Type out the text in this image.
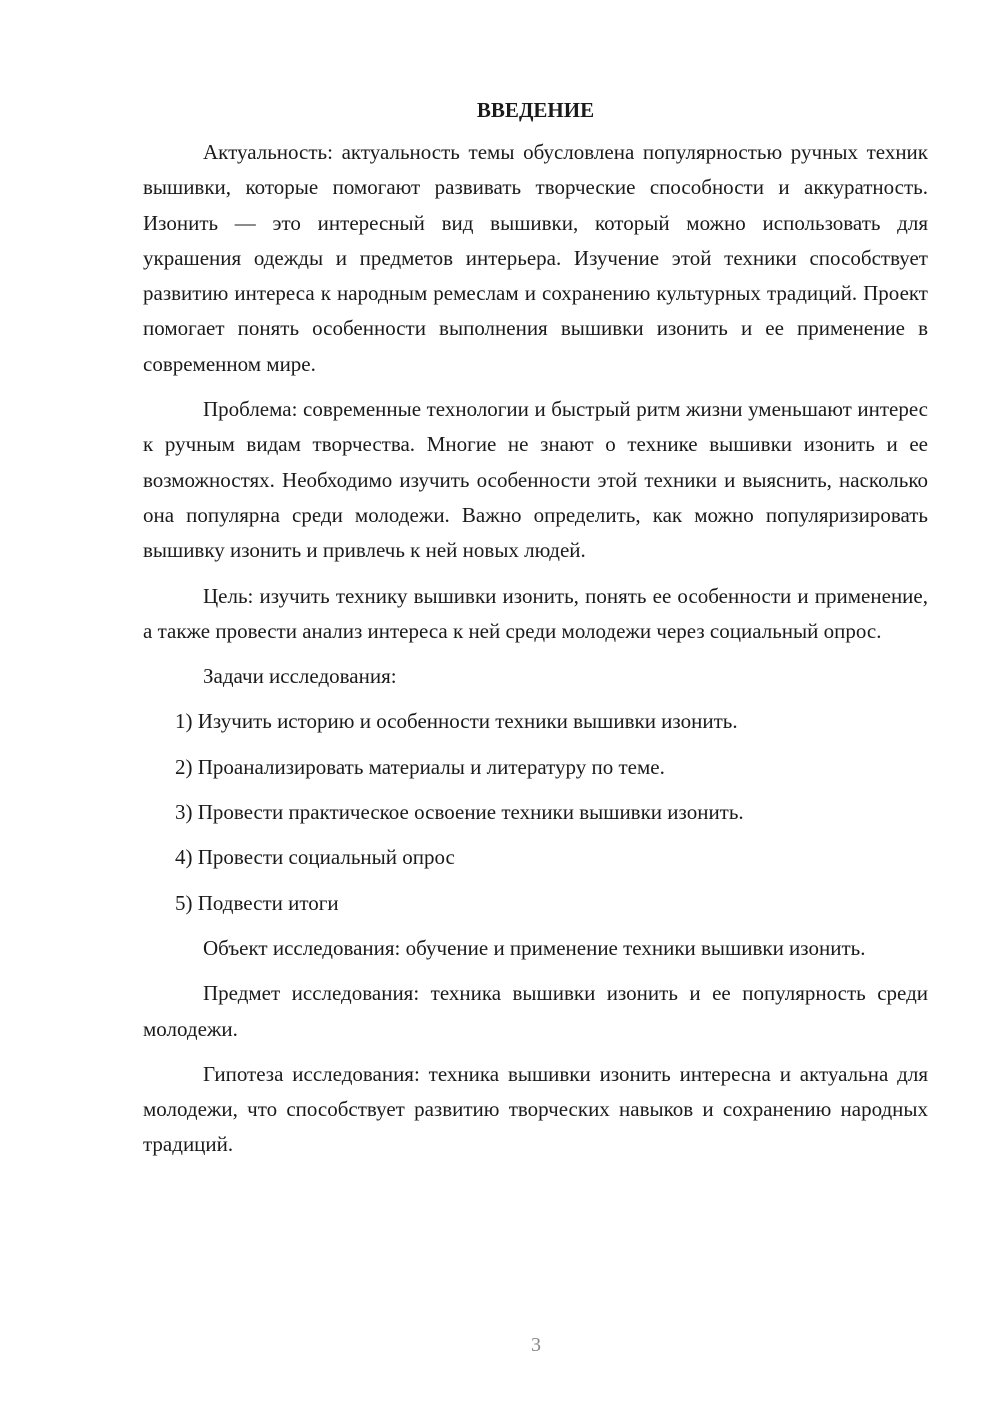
ВВЕДЕНИЕ

Актуальность: актуальность темы обусловлена популярностью ручных техник вышивки, которые помогают развивать творческие способности и аккуратность. Изонить — это интересный вид вышивки, который можно использовать для украшения одежды и предметов интерьера. Изучение этой техники способствует развитию интереса к народным ремеслам и сохранению культурных традиций. Проект помогает понять особенности выполнения вышивки изонить и ее применение в современном мире.

Проблема: современные технологии и быстрый ритм жизни уменьшают интерес к ручным видам творчества. Многие не знают о технике вышивки изонить и ее возможностях. Необходимо изучить особенности этой техники и выяснить, насколько она популярна среди молодежи. Важно определить, как можно популяризировать вышивку изонить и привлечь к ней новых людей.

Цель: изучить технику вышивки изонить, понять ее особенности и применение, а также провести анализ интереса к ней среди молодежи через социальный опрос.

Задачи исследования:

1) Изучить историю и особенности техники вышивки изонить.

2) Проанализировать материалы и литературу по теме.

3) Провести практическое освоение техники вышивки изонить.

4) Провести социальный опрос

5) Подвести итоги

Объект исследования: обучение и применение техники вышивки изонить.

Предмет исследования: техника вышивки изонить и ее популярность среди молодежи.

Гипотеза исследования: техника вышивки изонить интересна и актуальна для молодежи, что способствует развитию творческих навыков и сохранению народных традиций.

3
